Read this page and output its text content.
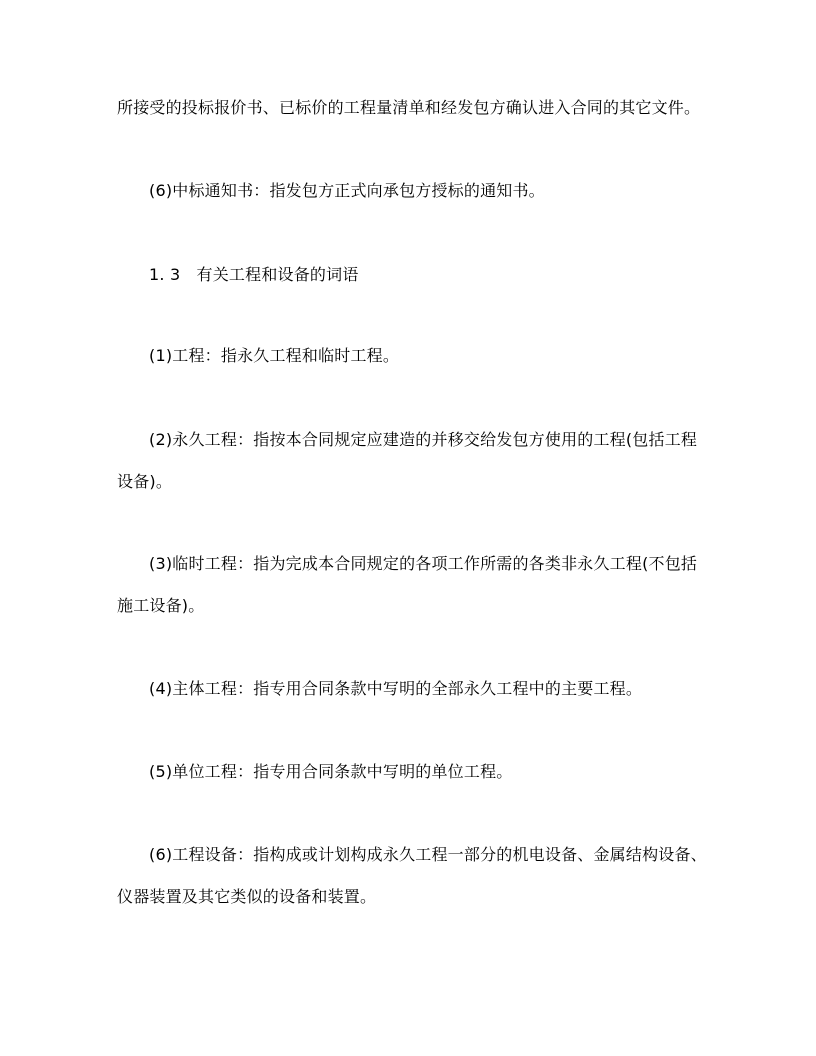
所接受的投标报价书、已标价的工程量清单和经发包方确认进入合同的其它文件。
(6)中标通知书：指发包方正式向承包方授标的通知书。
1. 3　有关工程和设备的词语
(1)工程：指永久工程和临时工程。
(2)永久工程：指按本合同规定应建造的并移交给发包方使用的工程(包括工程
设备)。
(3)临时工程：指为完成本合同规定的各项工作所需的各类非永久工程(不包括
施工设备)。
(4)主体工程：指专用合同条款中写明的全部永久工程中的主要工程。
(5)单位工程：指专用合同条款中写明的单位工程。
(6)工程设备：指构成或计划构成永久工程一部分的机电设备、金属结构设备、
仪器装置及其它类似的设备和装置。
